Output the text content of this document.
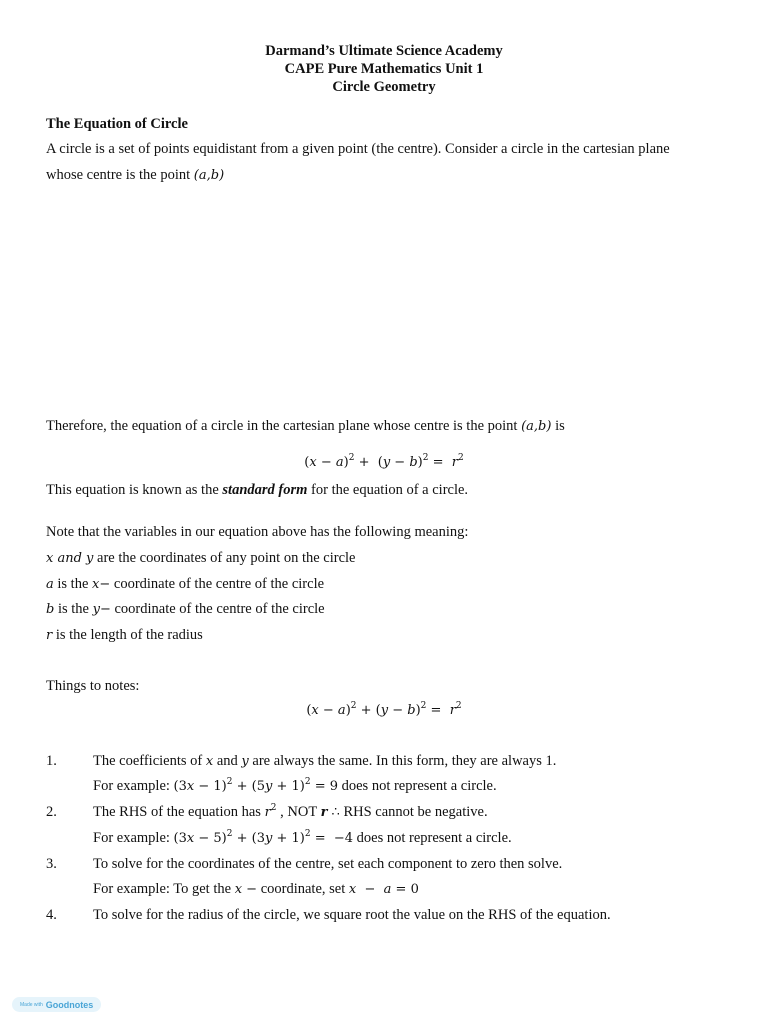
Darmand’s Ultimate Science Academy
CAPE Pure Mathematics Unit 1
Circle Geometry
The Equation of Circle
A circle is a set of points equidistant from a given point (the centre). Consider a circle in the cartesian plane
whose centre is the point (a,b)
Therefore, the equation of a circle in the cartesian plane whose centre is the point (a,b) is
$(x - a)^2 + (y - b)^2 = r^2$
This equation is known as the standard form for the equation of a circle.
Note that the variables in our equation above has the following meaning:
x and y are the coordinates of any point on the circle
a is the x− coordinate of the centre of the circle
b is the y− coordinate of the centre of the circle
r is the length of the radius
Things to notes:
$(x - a)^2 + (y - b)^2 = r^2$
1. The coefficients of x and y are always the same. In this form, they are always 1.
For example: $(3x - 1)^2 + (5y + 1)^2 = 9$ does not represent a circle.
2. The RHS of the equation has $r^2$ , NOT r ∴ RHS cannot be negative.
For example: $(3x - 5)^2 + (3y + 1)^2 = -4$ does not represent a circle.
3. To solve for the coordinates of the centre, set each component to zero then solve.
For example: To get the x − coordinate, set x  −  a = 0
4. To solve for the radius of the circle, we square root the value on the RHS of the equation.
Made with Goodnotes
